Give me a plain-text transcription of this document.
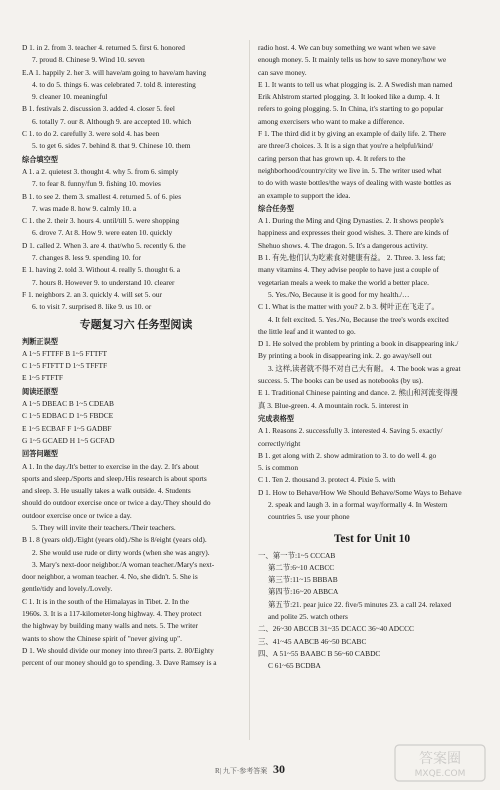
D 1. in 2. from 3. teacher 4. returned 5. first 6. honored
7. proud 8. Chinese 9. Wind 10. seven
E.A 1. happily 2. her 3. will have/am going to have/am having
4. to do 5. things 6. was celebrated 7. told 8. interesting
9. cleaner 10. meaningful
B 1. festivals 2. discussion 3. added 4. closer 5. feel
6. totally 7. our 8. Although 9. are accepted 10. which
C 1. to do 2. carefully 3. were sold 4. has been
5. to get 6. sides 7. behind 8. that 9. Chinese 10. them
综合填空型
A 1. a 2. quietest 3. thought 4. why 5. from 6. simply
7. to fear 8. funny/fun 9. fishing 10. movies
B 1. to see 2. them 3. smallest 4. returned 5. of 6. pies
7. was made 8. how 9. calmly 10. a
C 1. the 2. their 3. hours 4. until/till 5. were shopping
6. drove 7. At 8. How 9. were eaten 10. quickly
D 1. called 2. When 3. are 4. that/who 5. recently 6. the
7. changes 8. less 9. spending 10. for
E 1. having 2. told 3. Without 4. really 5. thought 6. a
7. hours 8. However 9. to understand 10. clearer
F 1. neighbors 2. an 3. quickly 4. will set 5. our
6. to visit 7. surprised 8. like 9. us 10. or
专题复习六 任务型阅读
判断正误型
A 1~5 FTTFF B 1~5 FTTFT
C 1~5 FTFTT D 1~5 TFFTF
E 1~5 FTFTF
阅读还原型
A 1~5 DBEAC B 1~5 CDEAB
C 1~5 EDBAC D 1~5 FBDCE
E 1~5 ECBAF F 1~5 GADBF
G 1~5 GCAED H 1~5 GCFAD
回答问题型
A 1. In the day./It's better to exercise in the day. 2. It's about
sports and sleep./Sports and sleep./His research is about sports
and sleep. 3. He usually takes a walk outside. 4. Students
should do outdoor exercise once or twice a day./They should do
outdoor exercise once or twice a day.
5. They will invite their teachers./Their teachers.
B 1. 8 (years old)./Eight (years old)./She is 8/eight (years old).
2. She would use rude or dirty words (when she was angry).
3. Mary's next-door neighbor./A woman teacher./Mary's next-
door neighbor, a woman teacher. 4. No, she didn't. 5. She is
gentle/tidy and lovely./Lovely.
C 1. It is in the south of the Himalayas in Tibet. 2. In the
1960s. 3. It is a 117-kilometer-long highway. 4. They protect
the highway by building many walls and nets. 5. The writer
wants to show the Chinese spirit of "never giving up".
D 1. We should divide our money into three/3 parts. 2. 80/Eighty
percent of our money should go to spending. 3. Dave Ramsey is a
radio host. 4. We can buy something we want when we save
enough money. 5. It mainly tells us how to save money/how we
can save money.
E 1. It wants to tell us what plogging is. 2. A Swedish man named
Erik Ahlstrom started plogging. 3. It looked like a dump. 4. It
refers to going plogging. 5. In China, it's starting to go popular
among exercisers who want to make a difference.
F 1. The third did it by giving an example of daily life. 2. There
are three/3 choices. 3. It is a sign that you're a helpful/kind/
caring person that has grown up. 4. It refers to the
neighborhood/country/city we live in. 5. The writer used what
to do with waste bottles/the ways of dealing with waste bottles as
an example to support the idea.
综合任务型
A 1. During the Ming and Qing Dynasties. 2. It shows people's
happiness and expresses their good wishes. 3. There are kinds of
Shehuo shows. 4. The dragon. 5. It's a dangerous activity.
B 1. 有先,他们认为吃素食对健康有益。 2. Three. 3. less fat;
many vitamins 4. They advise people to have just a couple of
vegetarian meals a week to make the world a better place.
5. Yes./No, Because it is good for my health./…
C 1. What is the matter with you? 2. b 3. 树叶正在飞走了。
4. It felt excited. 5. Yes./No, Because the tree's words excited
the little leaf and it wanted to go.
D 1. He solved the problem by printing a book in disappearing ink./
By printing a book in disappearing ink. 2. go away/sell out
3. 这样,读者就不得不对自己大有耐。 4. The book was a great
success. 5. The books can be used as notebooks (by us).
E 1. Traditional Chinese painting and dance. 2. 熊山和河流变得漫
真 3. Blue-green. 4. A mountain rock. 5. interest in
完成表格型
A 1. Reasons 2. successfully 3. interested 4. Saving 5. exactly/
correctly/right
B 1. get along with 2. show admiration to 3. to do well 4. go
5. is common
C 1. Ten 2. thousand 3. protect 4. Pixie 5. with
D 1. How to Behave/How We Should Behave/Some Ways to Behave
2. speak and laugh 3. in a formal way/formally 4. In Western
countries 5. use your phone
Test for Unit 10
一、第一节:1~5 CCCAB
第二节:6~10 ACBCC
第三节:11~15 BBBAB
第四节:16~20 ABBCA
第五节:21. pear juice 22. five/5 minutes 23. a call 24. relaxed
and polite 25. watch others
二、26~30 ABCCB 31~35 DCACC 36~40 ADCCC
三、41~45 AABCB 46~50 BCABC
四、A 51~55 BAABC B 56~60 CABDC
C 61~65 BCDBA
R| 九下·参考答案 30
答案圈
MXQE.COM
